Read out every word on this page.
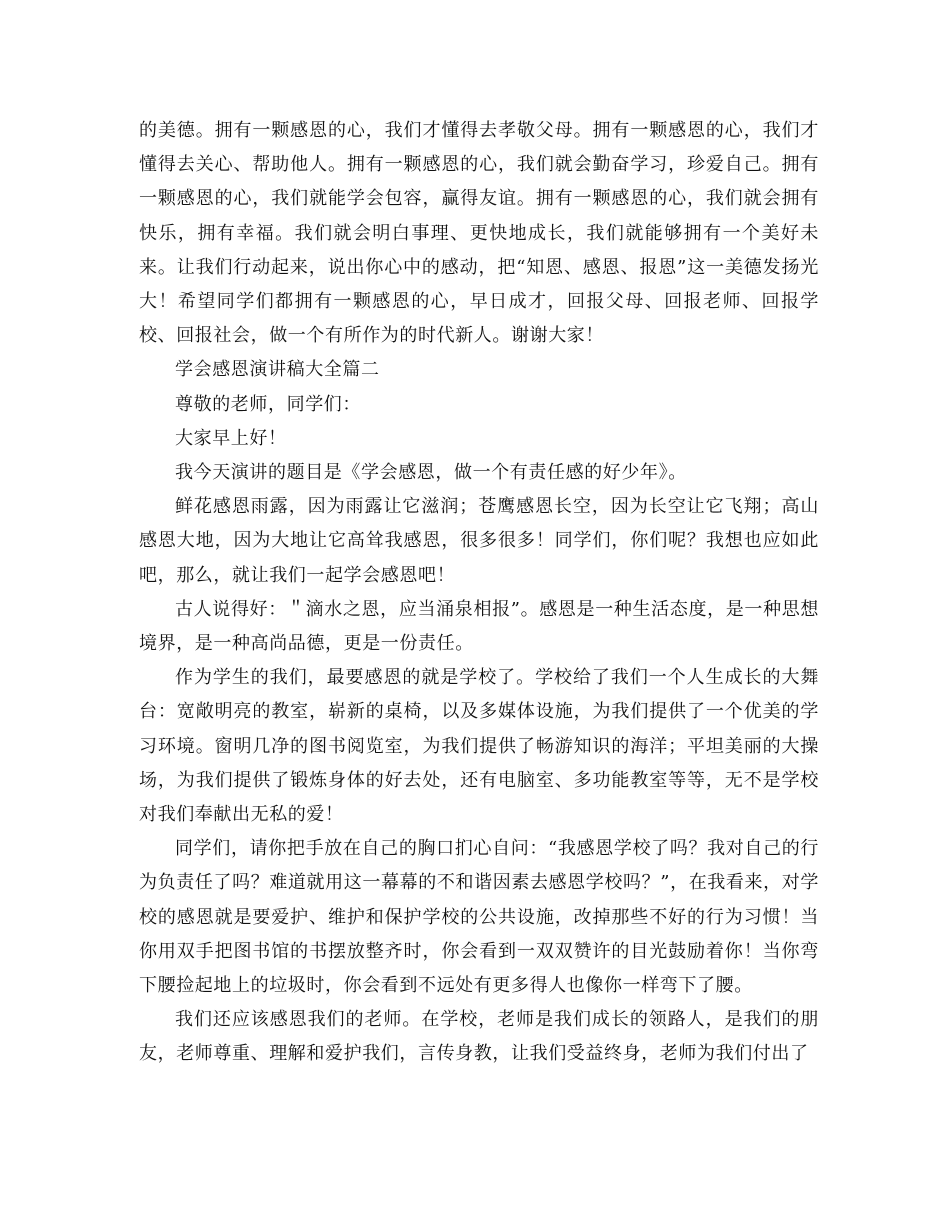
的美德。拥有一颗感恩的心，我们才懂得去孝敬父母。拥有一颗感恩的心，我们才懂得去关心、帮助他人。拥有一颗感恩的心，我们就会勤奋学习，珍爱自己。拥有一颗感恩的心，我们就能学会包容，赢得友谊。拥有一颗感恩的心，我们就会拥有快乐，拥有幸福。我们就会明白事理、更快地成长，我们就能够拥有一个美好未来。让我们行动起来，说出你心中的感动，把“知恩、感恩、报恩”这一美德发扬光大！希望同学们都拥有一颗感恩的心，早日成才，回报父母、回报老师、回报学校、回报社会，做一个有所作为的时代新人。谢谢大家！

学会感恩演讲稿大全篇二

尊敬的老师，同学们：

大家早上好！

我今天演讲的题目是《学会感恩，做一个有责任感的好少年》。

鲜花感恩雨露，因为雨露让它滋润；苍鹰感恩长空，因为长空让它飞翔；高山感恩大地，因为大地让它高耸我感恩，很多很多！同学们，你们呢？我想也应如此吧，那么，就让我们一起学会感恩吧！

古人说得好：＂滴水之恩，应当涌泉相报”。感恩是一种生活态度，是一种思想境界，是一种高尚品德，更是一份责任。

作为学生的我们，最要感恩的就是学校了。学校给了我们一个人生成长的大舞台：宽敞明亮的教室，崭新的桌椅，以及多媒体设施，为我们提供了一个优美的学习环境。窗明几净的图书阅览室，为我们提供了畅游知识的海洋；平坦美丽的大操场，为我们提供了锻炼身体的好去处，还有电脑室、多功能教室等等，无不是学校对我们奉献出无私的爱！

同学们，请你把手放在自己的胸口扪心自问：“我感恩学校了吗？我对自己的行为负责任了吗？难道就用这一幕幕的不和谐因素去感恩学校吗？”，在我看来，对学校的感恩就是要爱护、维护和保护学校的公共设施，改掉那些不好的行为习惯！当你用双手把图书馆的书摆放整齐时，你会看到一双双赞许的目光鼓励着你！当你弯下腰捡起地上的垃圾时，你会看到不远处有更多得人也像你一样弯下了腰。

我们还应该感恩我们的老师。在学校，老师是我们成长的领路人，是我们的朋友，老师尊重、理解和爱护我们，言传身教，让我们受益终身，老师为我们付出了
